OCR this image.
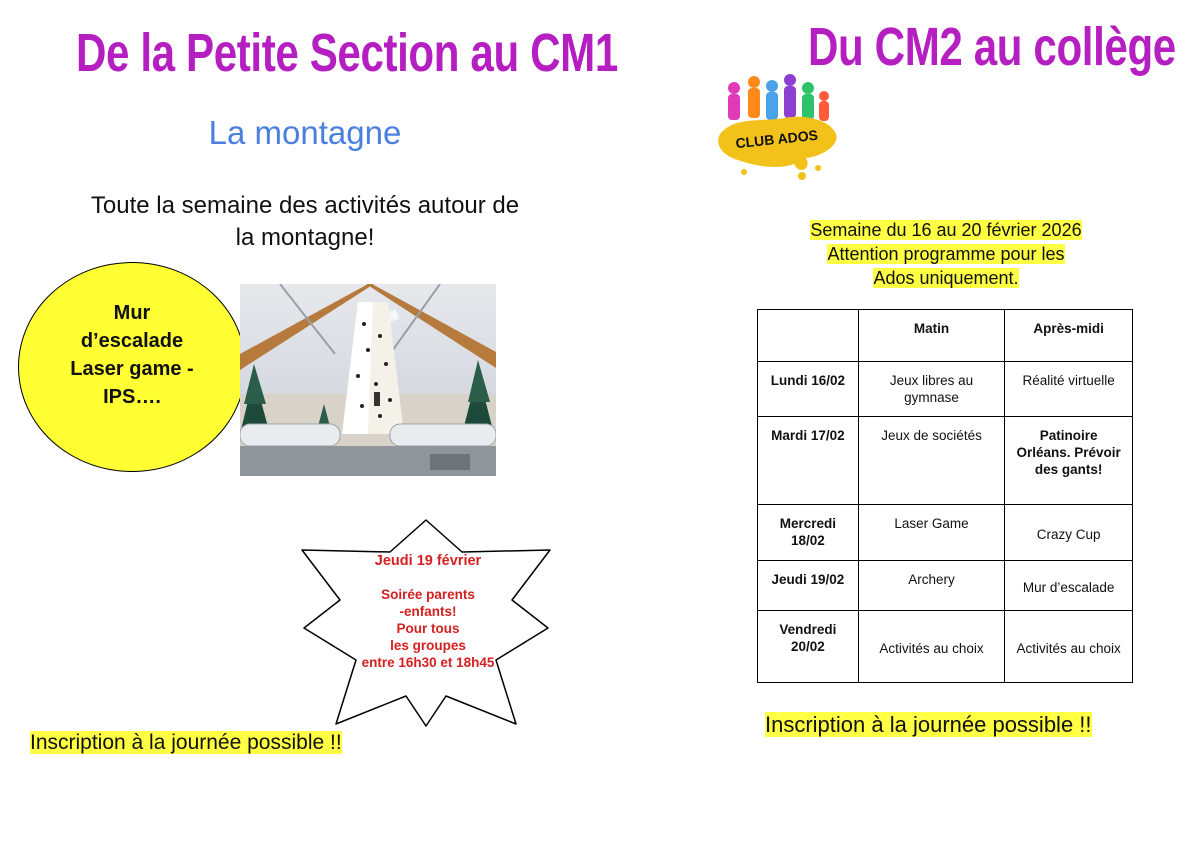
De la Petite Section au CM1
La montagne
Toute la semaine des activités autour de
la montagne!
Mur
d’escalade
Laser game -
IPS….
Jeudi 19 février
Soirée parents
-enfants!
Pour tous
les groupes
entre 16h30 et 18h45
Inscription à la journée possible !!
Du CM2 au collège
CLUB ADOS
Semaine du 16 au 20 février 2026
Attention programme pour les
Ados uniquement.
	Matin	Après-midi
Lundi 16/02	Jeux libres au gymnase	Réalité virtuelle
Mardi 17/02	Jeux de sociétés	Patinoire Orléans. Prévoir des gants!

Mercredi
18/02	Laser Game	Crazy Cup
Jeudi 19/02	Archery	Mur d’escalade

Vendredi
20/02	Activités au choix	Activités au choix
Inscription à la journée possible !!
